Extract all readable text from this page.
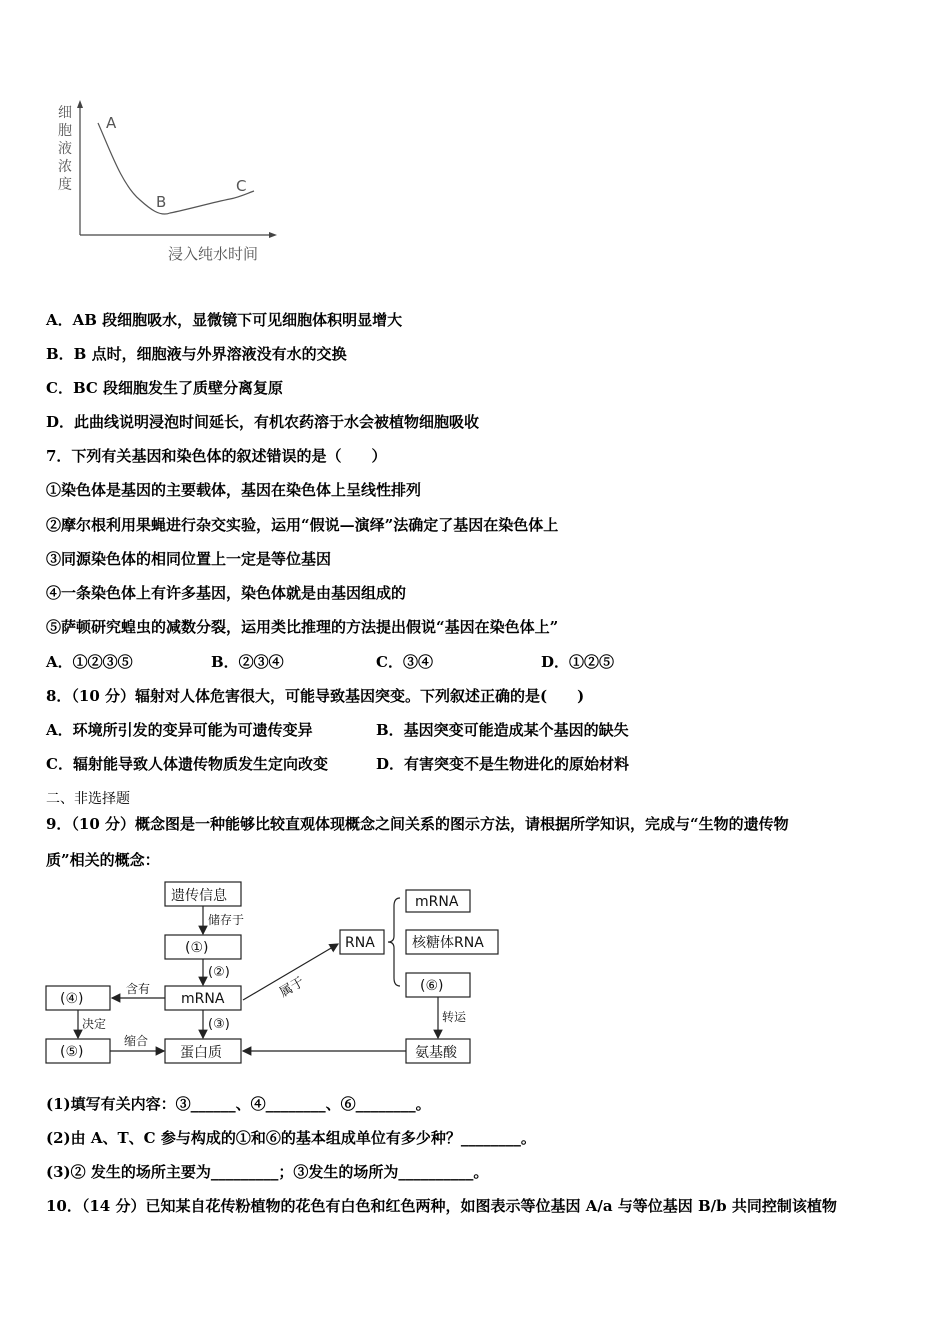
细
胞
液
浓
度
A
B
C
浸入纯水时间
A．AB 段细胞吸水，显微镜下可见细胞体积明显增大
B．B 点时，细胞液与外界溶液没有水的交换
C．BC 段细胞发生了质壁分离复原
D．此曲线说明浸泡时间延长，有机农药溶于水会被植物细胞吸收
7．下列有关基因和染色体的叙述错误的是（　　）
①染色体是基因的主要载体，基因在染色体上呈线性排列
②摩尔根利用果蝇进行杂交实验，运用“假说—演绎”法确定了基因在染色体上
③同源染色体的相同位置上一定是等位基因
④一条染色体上有许多基因，染色体就是由基因组成的
⑤萨顿研究蝗虫的减数分裂，运用类比推理的方法提出假说“基因在染色体上”
A．①②③⑤	B．②③④	C．③④	D．①②⑤
8．（10 分）辐射对人体危害很大，可能导致基因突变。下列叙述正确的是(　　)
A．环境所引发的变异可能为可遗传变异	B．基因突变可能造成某个基因的缺失
C．辐射能导致人体遗传物质发生定向改变	D．有害突变不是生物进化的原始材料
二、非选择题
9．（10 分）概念图是一种能够比较直观体现概念之间关系的图示方法，请根据所学知识，完成与“生物的遗传物
质”相关的概念：
遗传信息
储存于
(①)
(②)
mRNA
(③)
蛋白质
(④)
含有
决定
(⑤)
缩合
属于
RNA
mRNA
核糖体RNA
(⑥)
转运
氨基酸
(1)填写有关内容：③______、④________、⑥________。
(2)由 A、T、C 参与构成的①和⑥的基本组成单位有多少种？________。
(3)② 发生的场所主要为_________；③发生的场所为__________。
10．（14 分）已知某自花传粉植物的花色有白色和红色两种，如图表示等位基因 A/a 与等位基因 B/b 共同控制该植物
